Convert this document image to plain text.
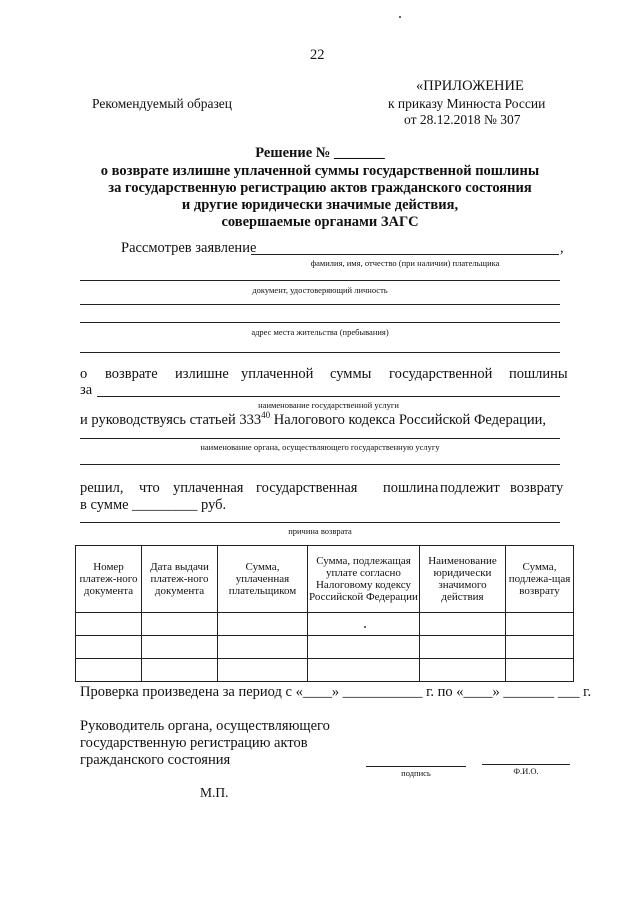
22
«ПРИЛОЖЕНИЕ
Рекомендуемый образец	к приказу Минюста России
от 28.12.2018 № 307
Решение № _______
о возврате излишне уплаченной суммы государственной пошлины
за государственную регистрацию актов гражданского состояния
и другие юридически значимые действия,
совершаемые органами ЗАГС
Рассмотрев заявление	,
фамилия, имя, отчество (при наличии) плательщика
документ, удостоверяющий личность
адрес места жительства (пребывания)
о возврате излишне уплаченной суммы государственной пошлины
за
наименование государственной услуги
и руководствуясь статьей $333^{40}$ Налогового кодекса Российской Федерации,
наименование органа, осуществляющего государственную услугу
решил, что уплаченная государственная пошлина подлежит возврату
в сумме _________ руб.
причина возврата
Номер платеж-ного документа	Дата выдачи платеж-ного документа	Сумма, уплаченная плательщиком	Сумма, подлежащая уплате согласно Налоговому кодексу Российской Федерации	Наименование юридически значимого действия	Сумма, подлежа-щая возврату

Проверка произведена за период с «____» ___________ г. по «____» _______ ___ г.
Руководитель органа, осуществляющего
государственную регистрацию актов
гражданского состояния
подпись	Ф.И.О.
М.П.
